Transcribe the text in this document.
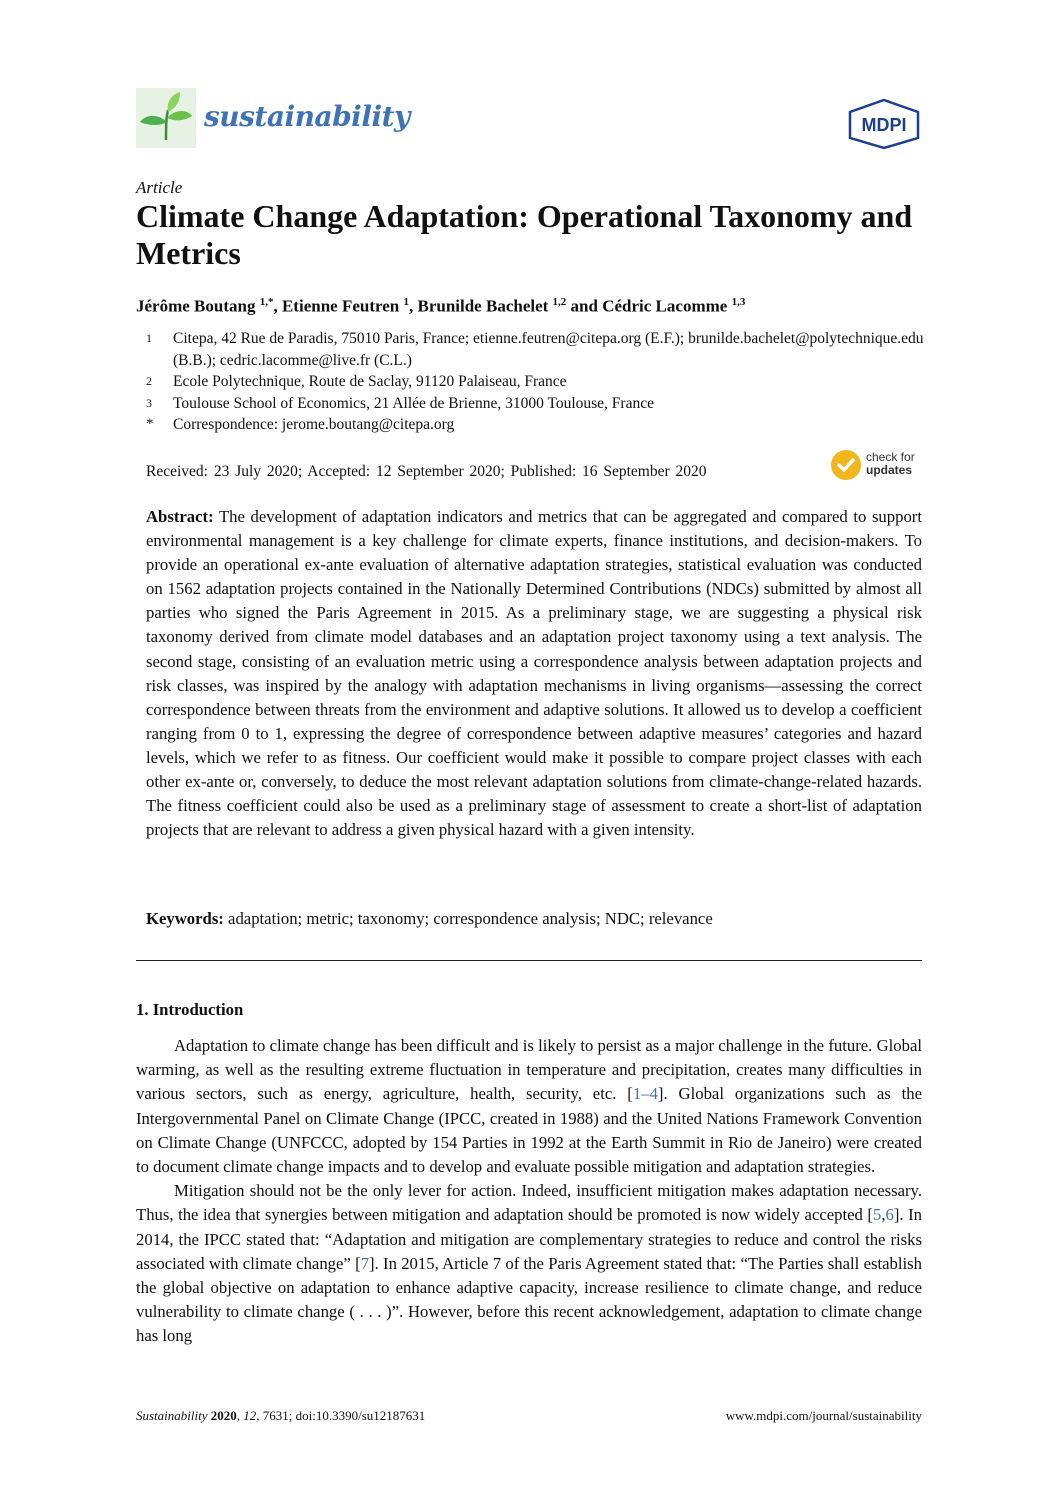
sustainability	MDPI
Article
Climate Change Adaptation: Operational Taxonomy and Metrics
Jérôme Boutang $^{1,*}$, Etienne Feutren $^1$, Brunilde Bachelet $^{1,2}$ and Cédric Lacomme $^{1,3}$
1	Citepa, 42 Rue de Paradis, 75010 Paris, France; etienne.feutren@citepa.org (E.F.); brunilde.bachelet@polytechnique.edu (B.B.); cedric.lacomme@live.fr (C.L.)
2	Ecole Polytechnique, Route de Saclay, 91120 Palaiseau, France
3	Toulouse School of Economics, 21 Allée de Brienne, 31000 Toulouse, France
*	Correspondence: jerome.boutang@citepa.org
Received: 23 July 2020; Accepted: 12 September 2020; Published: 16 September 2020
check for
updates
Abstract: The development of adaptation indicators and metrics that can be aggregated and compared to support environmental management is a key challenge for climate experts, finance institutions, and decision-makers. To provide an operational ex-ante evaluation of alternative adaptation strategies, statistical evaluation was conducted on 1562 adaptation projects contained in the Nationally Determined Contributions (NDCs) submitted by almost all parties who signed the Paris Agreement in 2015. As a preliminary stage, we are suggesting a physical risk taxonomy derived from climate model databases and an adaptation project taxonomy using a text analysis. The second stage, consisting of an evaluation metric using a correspondence analysis between adaptation projects and risk classes, was inspired by the analogy with adaptation mechanisms in living organisms—assessing the correct correspondence between threats from the environment and adaptive solutions. It allowed us to develop a coefficient ranging from 0 to 1, expressing the degree of correspondence between adaptive measures’ categories and hazard levels, which we refer to as fitness. Our coefficient would make it possible to compare project classes with each other ex-ante or, conversely, to deduce the most relevant adaptation solutions from climate-change-related hazards. The fitness coefficient could also be used as a preliminary stage of assessment to create a short-list of adaptation projects that are relevant to address a given physical hazard with a given intensity.
Keywords: adaptation; metric; taxonomy; correspondence analysis; NDC; relevance
1. Introduction

Adaptation to climate change has been difficult and is likely to persist as a major challenge in the future. Global warming, as well as the resulting extreme fluctuation in temperature and precipitation, creates many difficulties in various sectors, such as energy, agriculture, health, security, etc. [1–4]. Global organizations such as the Intergovernmental Panel on Climate Change (IPCC, created in 1988) and the United Nations Framework Convention on Climate Change (UNFCCC, adopted by 154 Parties in 1992 at the Earth Summit in Rio de Janeiro) were created to document climate change impacts and to develop and evaluate possible mitigation and adaptation strategies.

Mitigation should not be the only lever for action. Indeed, insufficient mitigation makes adaptation necessary. Thus, the idea that synergies between mitigation and adaptation should be promoted is now widely accepted [5,6]. In 2014, the IPCC stated that: “Adaptation and mitigation are complementary strategies to reduce and control the risks associated with climate change” [7]. In 2015, Article 7 of the Paris Agreement stated that: “The Parties shall establish the global objective on adaptation to enhance adaptive capacity, increase resilience to climate change, and reduce vulnerability to climate change ( . . . )”. However, before this recent acknowledgement, adaptation to climate change has long

Sustainability 2020, 12, 7631; doi:10.3390/su12187631	www.mdpi.com/journal/sustainability
